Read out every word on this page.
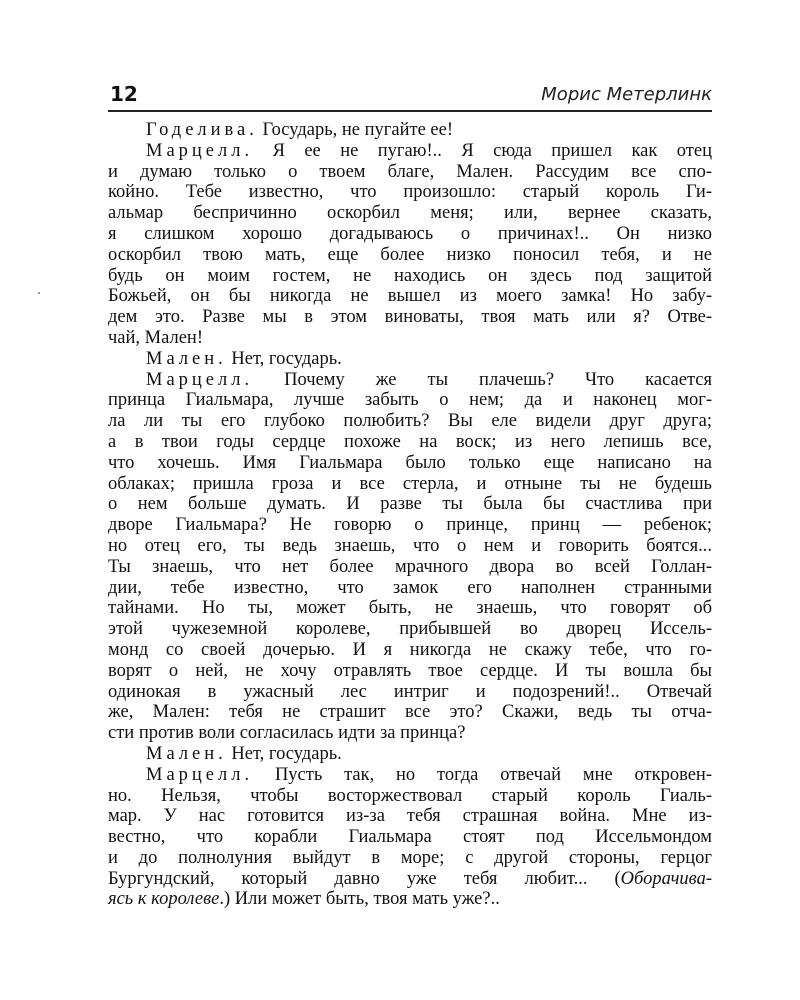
12	Морис Метерлинк
Годелива. Государь, не пугайте ее!
Марцелл. Я ее не пугаю!.. Я сюда пришел как отец
и думаю только о твоем благе, Мален. Рассудим все спо-
койно. Тебе известно, что произошло: старый король Ги-
альмар беспричинно оскорбил меня; или, вернее сказать,
я слишком хорошо догадываюсь о причинах!.. Он низко
оскорбил твою мать, еще более низко поносил тебя, и не
будь он моим гостем, не находись он здесь под защитой
Божьей, он бы никогда не вышел из моего замка! Но забу-
дем это. Разве мы в этом виноваты, твоя мать или я? Отве-
чай, Мален!
Мален. Нет, государь.
Марцелл. Почему же ты плачешь? Что касается
принца Гиальмара, лучше забыть о нем; да и наконец мог-
ла ли ты его глубоко полюбить? Вы еле видели друг друга;
а в твои годы сердце похоже на воск; из него лепишь все,
что хочешь. Имя Гиальмара было только еще написано на
облаках; пришла гроза и все стерла, и отныне ты не будешь
о нем больше думать. И разве ты была бы счастлива при
дворе Гиальмара? Не говорю о принце, принц — ребенок;
но отец его, ты ведь знаешь, что о нем и говорить боятся...
Ты знаешь, что нет более мрачного двора во всей Голлан-
дии, тебе известно, что замок его наполнен странными
тайнами. Но ты, может быть, не знаешь, что говорят об
этой чужеземной королеве, прибывшей во дворец Иссель-
монд со своей дочерью. И я никогда не скажу тебе, что го-
ворят о ней, не хочу отравлять твое сердце. И ты вошла бы
одинокая в ужасный лес интриг и подозрений!.. Отвечай
же, Мален: тебя не страшит все это? Скажи, ведь ты отча-
сти против воли согласилась идти за принца?
Мален. Нет, государь.
Марцелл. Пусть так, но тогда отвечай мне откровен-
но. Нельзя, чтобы восторжествовал старый король Гиаль-
мар. У нас готовится из-за тебя страшная война. Мне из-
вестно, что корабли Гиальмара стоят под Иссельмондом
и до полнолуния выйдут в море; с другой стороны, герцог
Бургундский, который давно уже тебя любит... (Оборачива-
ясь к королеве.) Или может быть, твоя мать уже?..
